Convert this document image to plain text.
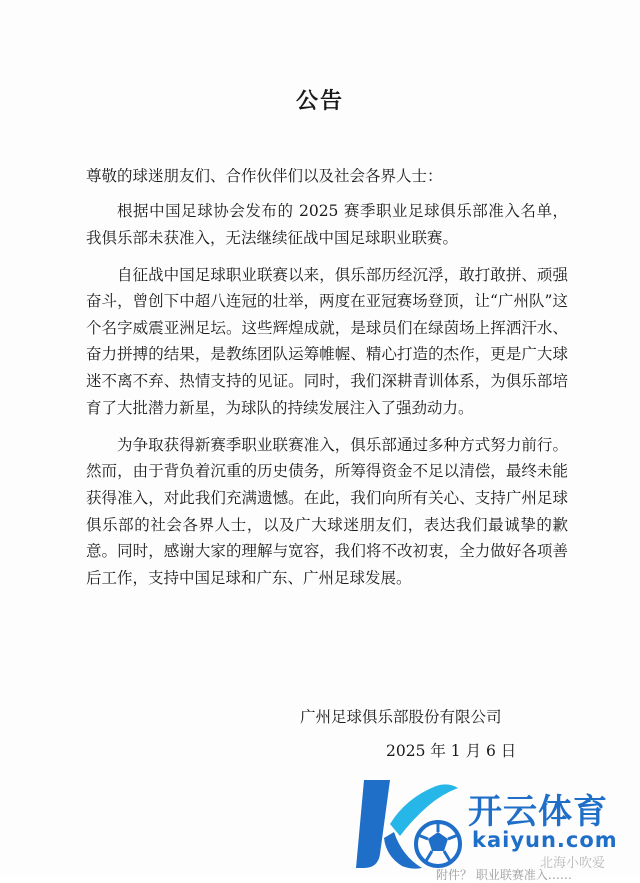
公告
尊敬的球迷朋友们、合作伙伴们以及社会各界人士：

根据中国足球协会发布的 2025 赛季职业足球俱乐部准入名单，我俱乐部未获准入，无法继续征战中国足球职业联赛。

自征战中国足球职业联赛以来，俱乐部历经沉浮，敢打敢拼、顽强奋斗，曾创下中超八连冠的壮举，两度在亚冠赛场登顶，让“广州队”这个名字威震亚洲足坛。这些辉煌成就，是球员们在绿茵场上挥洒汗水、奋力拼搏的结果，是教练团队运筹帷幄、精心打造的杰作，更是广大球迷不离不弃、热情支持的见证。同时，我们深耕青训体系，为俱乐部培育了大批潜力新星，为球队的持续发展注入了强劲动力。

为争取获得新赛季职业联赛准入，俱乐部通过多种方式努力前行。然而，由于背负着沉重的历史债务，所筹得资金不足以清偿，最终未能获得准入，对此我们充满遗憾。在此，我们向所有关心、支持广州足球俱乐部的社会各界人士，以及广大球迷朋友们，表达我们最诚挚的歉意。同时，感谢大家的理解与宽容，我们将不改初衷，全力做好各项善后工作，支持中国足球和广东、广州足球发展。

广州足球俱乐部股份有限公司
2025 年 1 月 6 日
开云体育
kaiyun.com
北海小吹爱
附件？ 职业联赛准入……
